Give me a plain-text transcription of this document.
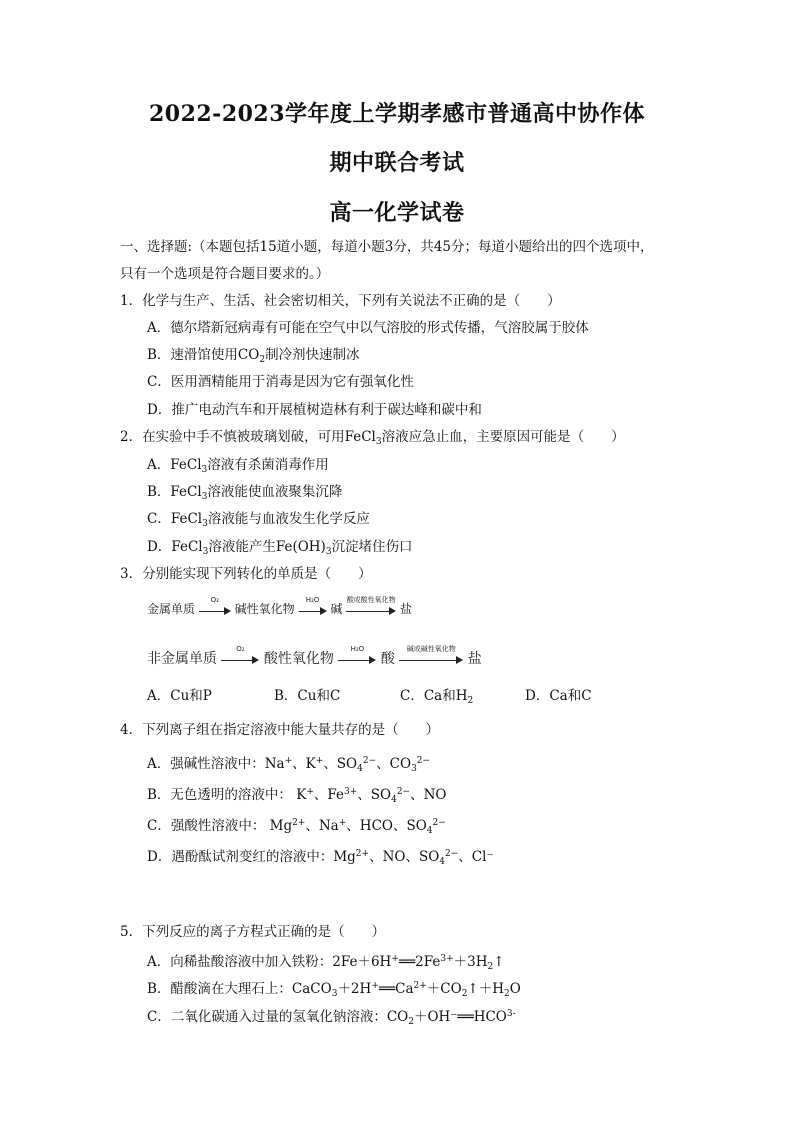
2022-2023学年度上学期孝感市普通高中协作体
期中联合考试
高一化学试卷
一、选择题:（本题包括15道小题，每道小题3分，共45分；每道小题给出的四个选项中，
只有一个选项是符合题目要求的。）
1．化学与生产、生活、社会密切相关，下列有关说法不正确的是（　　）
A．德尔塔新冠病毒有可能在空气中以气溶胶的形式传播，气溶胶属于胶体
B．速滑馆使用$CO_2$制冷剂快速制冰
C．医用酒精能用于消毒是因为它有强氧化性
D．推广电动汽车和开展植树造林有利于碳达峰和碳中和
2．在实验中手不慎被玻璃划破，可用FeCl$_3$溶液应急止血，主要原因可能是（　　）
A．FeCl$_3$溶液有杀菌消毒作用
B．FeCl$_3$溶液能使血液聚集沉降
C．FeCl$_3$溶液能与血液发生化学反应
D．FeCl$_3$溶液能产生$Fe(OH)_3$沉淀堵住伤口
3．分别能实现下列转化的单质是（　　）
金属单质
O₂
碱性氧化物
H₂O
碱
酸或酸性氧化物
盐
非金属单质
O₂
酸性氧化物
H₂O
酸
碱或碱性氧化物
盐
A．Cu和P	B．Cu和C	C．Ca和$H_2$	D．Ca和C
4．下列离子组在指定溶液中能大量共存的是（　　）
A．强碱性溶液中：Na+、K+、$SO_4^{2-}$、$CO_3^{2-}$
B．无色透明的溶液中： K+、$Fe^{3+}$、$SO_4^{2-}$、NO
C．强酸性溶液中： $Mg^{2+}$、Na+、HCO、$SO_4^{2-}$
D．遇酚酞试剂变红的溶液中：$Mg^{2+}$、NO、$SO_4^{2-}$、Cl⁻
5．下列反应的离子方程式正确的是（　　）
A．向稀盐酸溶液中加入铁粉：$2Fe+6H^+══2Fe^{3+}+3H_2↑$
B．醋酸滴在大理石上：$CaCO_3+2H^+══Ca^{2+}+CO_2↑+H_2O$
C．二氧化碳通入过量的氢氧化钠溶液：$CO_2+OH^-══HCO^{3-}$
